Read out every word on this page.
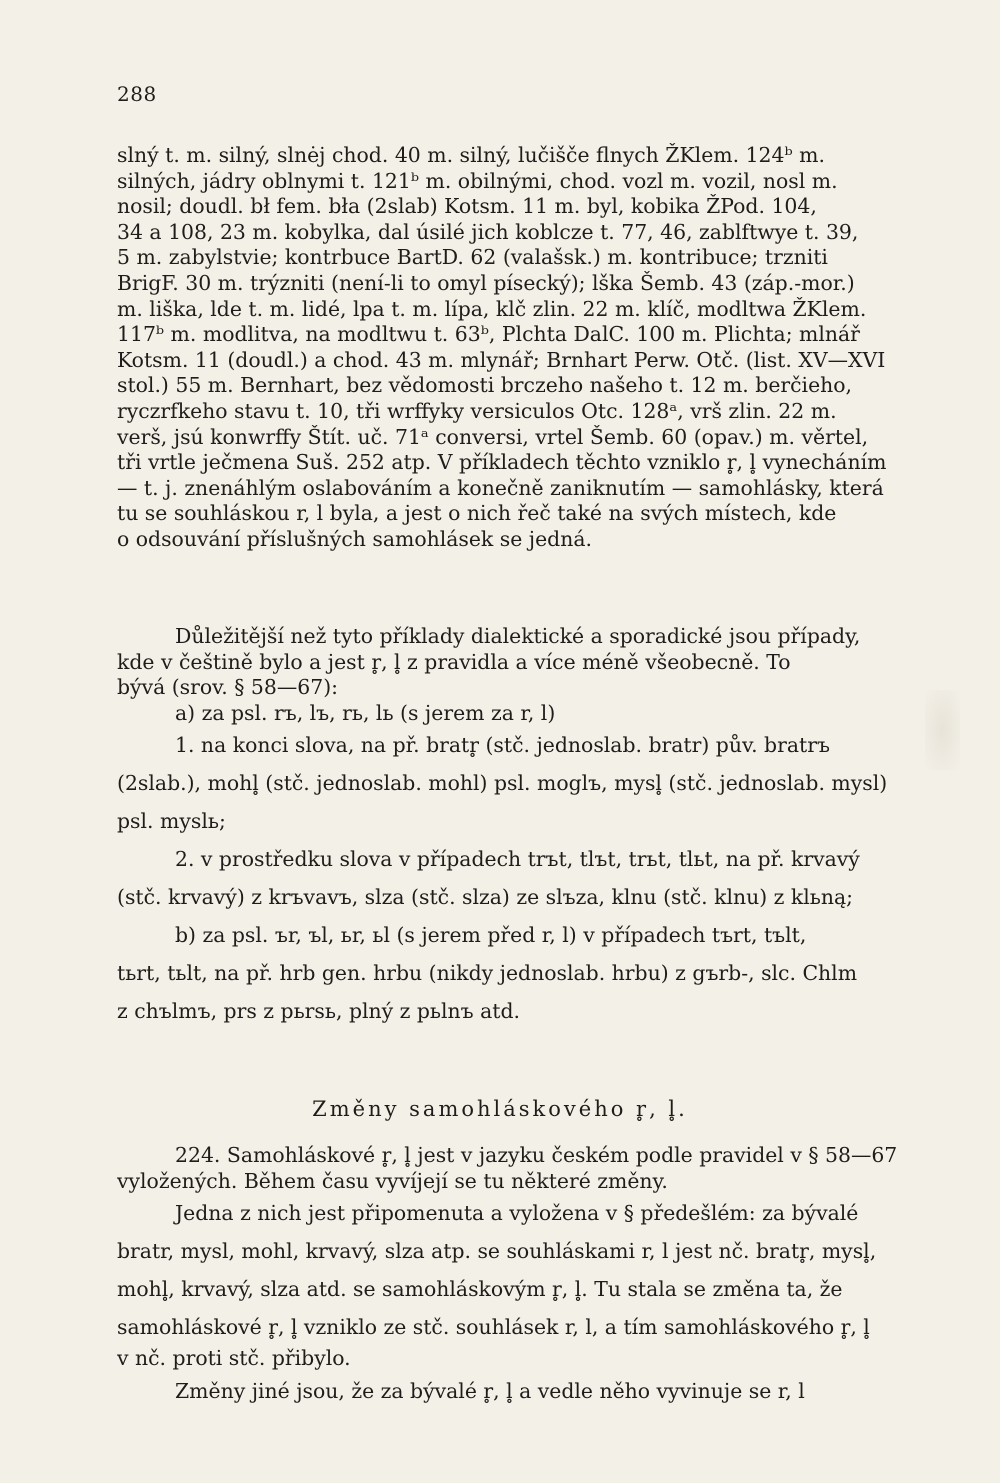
288
slný t. m. silný, slnėj chod. 40 m. silný, lučišče flnych ŽKlem. 124ᵇ m.
silných, jádry oblnymi t. 121ᵇ m. obilnými, chod. vozl m. vozil, nosl m.
nosil; doudl. bł fem. bła (2slab) Kotsm. 11 m. byl, kobika ŽPod. 104,
34 a 108, 23 m. kobylka, dal úsilé jich koblcze t. 77, 46, zablftwye t. 39,
5 m. zabylstvie; kontrbuce BartD. 62 (valašsk.) m. kontribuce; trzniti
BrigF. 30 m. trýzniti (není-li to omyl písecký); lška Šemb. 43 (záp.-mor.)
m. liška, lde t. m. lidé, lpa t. m. lípa, klč zlin. 22 m. klíč, modltwa ŽKlem.
117ᵇ m. modlitva, na modltwu t. 63ᵇ, Plchta DalC. 100 m. Plichta; mlnář
Kotsm. 11 (doudl.) a chod. 43 m. mlynář; Brnhart Perw. Otč. (list. XV—XVI
stol.) 55 m. Bernhart, bez vědomosti brczeho našeho t. 12 m. berčieho,
ryczrfkeho stavu t. 10, tři wrffyky versiculos Otc. 128ᵃ, vrš zlin. 22 m.
verš, jsú konwrffy Štít. uč. 71ᵃ conversi, vrtel Šemb. 60 (opav.) m. věrtel,
tři vrtle ječmena Suš. 252 atp. V příkladech těchto vzniklo r̥, l̥ vynecháním
— t. j. znenáhlým oslabováním a konečně zaniknutím — samohlásky, která
tu se souhláskou r, l byla, a jest o nich řeč také na svých místech, kde
o odsouvání příslušných samohlásek se jedná.
Důležitější než tyto příklady dialektické a sporadické jsou případy,
kde v češtině bylo a jest r̥, l̥ z pravidla a více méně všeobecně. To
bývá (srov. § 58—67):
a) za psl. rъ, lъ, rь, lь (s jerem za r, l)
1. na konci slova, na př. bratr̥ (stč. jednoslab. bratr) pův. bratrъ
(2slab.), mohl̥ (stč. jednoslab. mohl) psl. moglъ, mysl̥ (stč. jednoslab. mysl)
psl. myslь;
2. v prostředku slova v případech trъt, tlъt, trьt, tlьt, na př. krvavý
(stč. krvavý) z krъvavъ, slza (stč. slza) ze slъza, klnu (stč. klnu) z klьną;
b) za psl. ъr, ъl, ьr, ьl (s jerem před r, l) v případech tъrt, tъlt,
tьrt, tьlt, na př. hrb gen. hrbu (nikdy jednoslab. hrbu) z gъrb-, slc. Chlm
z chъlmъ, prs z pьrsь, plný z pьlnъ atd.
Změny samohláskového r̥, l̥.
224. Samohláskové r̥, l̥ jest v jazyku českém podle pravidel v § 58—67
vyložených. Během času vyvíjejí se tu některé změny.
Jedna z nich jest připomenuta a vyložena v § předešlém: za bývalé
bratr, mysl, mohl, krvavý, slza atp. se souhláskami r, l jest nč. bratr̥, mysl̥,
mohl̥, krvavý, slza atd. se samohláskovým r̥, l̥. Tu stala se změna ta, že
samohláskové r̥, l̥ vzniklo ze stč. souhlásek r, l, a tím samohláskového r̥, l̥
v nč. proti stč. přibylo.
Změny jiné jsou, že za bývalé r̥, l̥ a vedle něho vyvinuje se r, l
